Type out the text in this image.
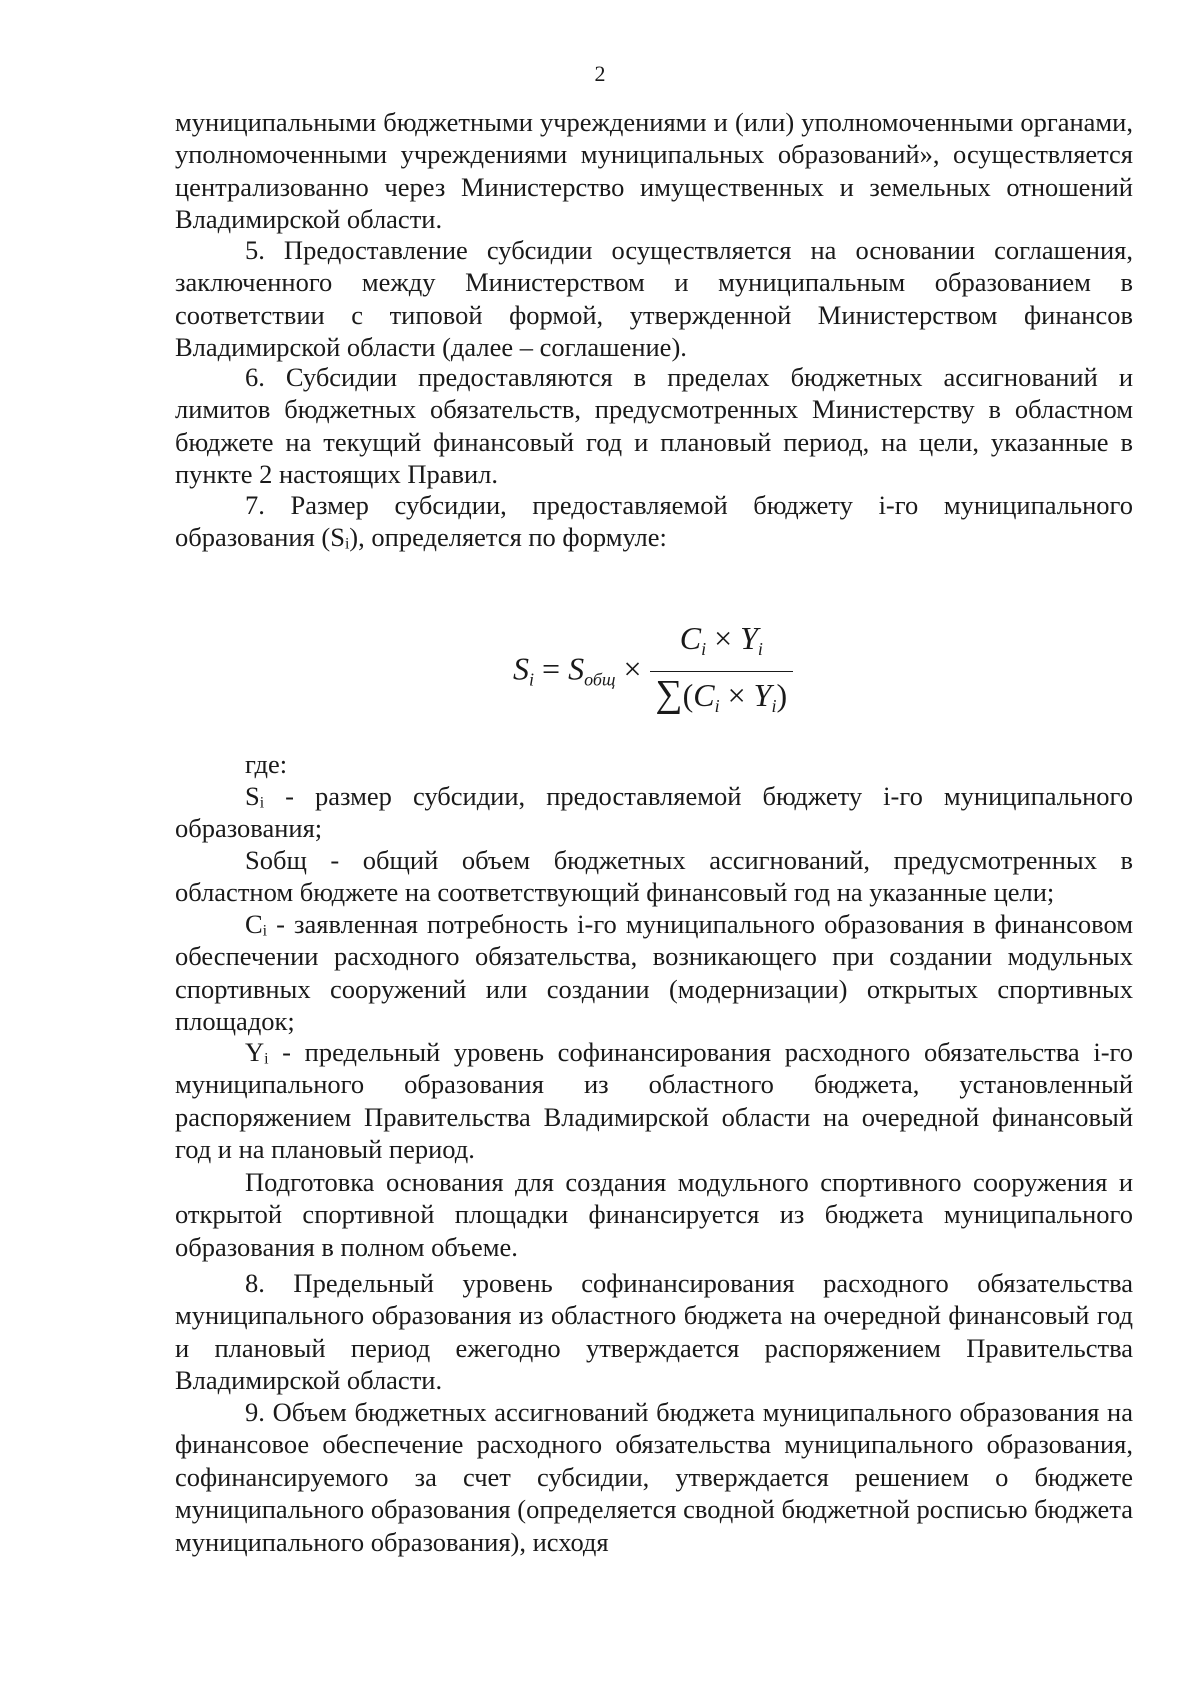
2

муниципальными бюджетными учреждениями и (или) уполномоченными органами, уполномоченными учреждениями муниципальных образований», осуществляется централизованно через Министерство имущественных и земельных отношений Владимирской области.

5. Предоставление субсидии осуществляется на основании соглашения, заключенного между Министерством и муниципальным образованием в соответствии с типовой формой, утвержденной Министерством финансов Владимирской области (далее – соглашение).

6. Субсидии предоставляются в пределах бюджетных ассигнований и лимитов бюджетных обязательств, предусмотренных Министерству в областном бюджете на текущий финансовый год и плановый период, на цели, указанные в пункте 2 настоящих Правил.

7. Размер субсидии, предоставляемой бюджету i-го муниципального образования (Sᵢ), определяется по формуле:

$S_i = S_{общ} \times \frac{C_i \times Y_i}{\sum(C_i \times Y_i)}$

где:

Sᵢ - размер субсидии, предоставляемой бюджету i-го муниципального образования;

Sобщ - общий объем бюджетных ассигнований, предусмотренных в областном бюджете на соответствующий финансовый год на указанные цели;

Cᵢ - заявленная потребность i-го муниципального образования в финансовом обеспечении расходного обязательства, возникающего при создании модульных спортивных сооружений или создании (модернизации) открытых спортивных площадок;

Yᵢ - предельный уровень софинансирования расходного обязательства i-го муниципального образования из областного бюджета, установленный распоряжением Правительства Владимирской области на очередной финансовый год и на плановый период.

Подготовка основания для создания модульного спортивного сооружения и открытой спортивной площадки финансируется из бюджета муниципального образования в полном объеме.

8. Предельный уровень софинансирования расходного обязательства муниципального образования из областного бюджета на очередной финансовый год и плановый период ежегодно утверждается распоряжением Правительства Владимирской области.

9. Объем бюджетных ассигнований бюджета муниципального образования на финансовое обеспечение расходного обязательства муниципального образования, софинансируемого за счет субсидии, утверждается решением о бюджете муниципального образования (определяется сводной бюджетной росписью бюджета муниципального образования), исходя
